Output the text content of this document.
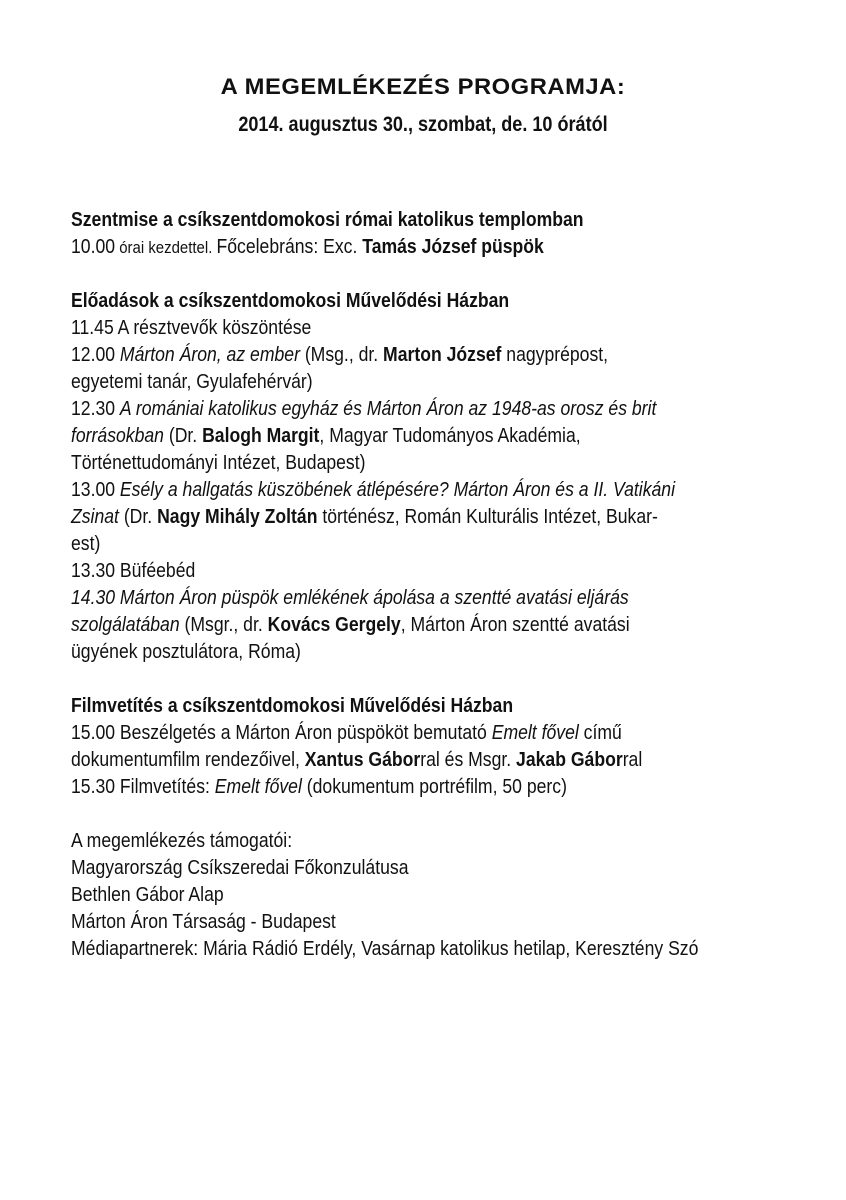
A MEGEMLÉKEZÉS PROGRAMJA:
2014. augusztus 30., szombat, de. 10 órától
Szentmise a csíkszentdomokosi római katolikus templomban
10.00 órai kezdettel. Főcelebráns: Exc. Tamás József püspök
Előadások a csíkszentdomokosi Művelődési Házban
11.45 A résztvevők köszöntése
12.00 Márton Áron, az ember (Msg., dr. Marton József nagyprépost,
egyetemi tanár, Gyulafehérvár)
12.30 A romániai katolikus egyház és Márton Áron az 1948-as orosz és brit
forrásokban (Dr. Balogh Margit, Magyar Tudományos Akadémia,
Történettudományi Intézet, Budapest)
13.00 Esély a hallgatás küszöbének átlépésére? Márton Áron és a II. Vatikáni
Zsinat (Dr. Nagy Mihály Zoltán történész, Román Kulturális Intézet, Bukar-
est)
13.30 Büféebéd
14.30 Márton Áron püspök emlékének ápolása a szentté avatási eljárás
szolgálatában (Msgr., dr. Kovács Gergely, Márton Áron szentté avatási
ügyének posztulátora, Róma)
Filmvetítés a csíkszentdomokosi Művelődési Házban
15.00 Beszélgetés a Márton Áron püspököt bemutató Emelt fővel című
dokumentumfilm rendezőivel, Xantus Gáborral és Msgr. Jakab Gáborral
15.30 Filmvetítés: Emelt fővel (dokumentum portréfilm, 50 perc)
A megemlékezés támogatói:
Magyarország Csíkszeredai Főkonzulátusa
Bethlen Gábor Alap
Márton Áron Társaság - Budapest
Médiapartnerek: Mária Rádió Erdély, Vasárnap katolikus hetilap, Keresztény Szó
